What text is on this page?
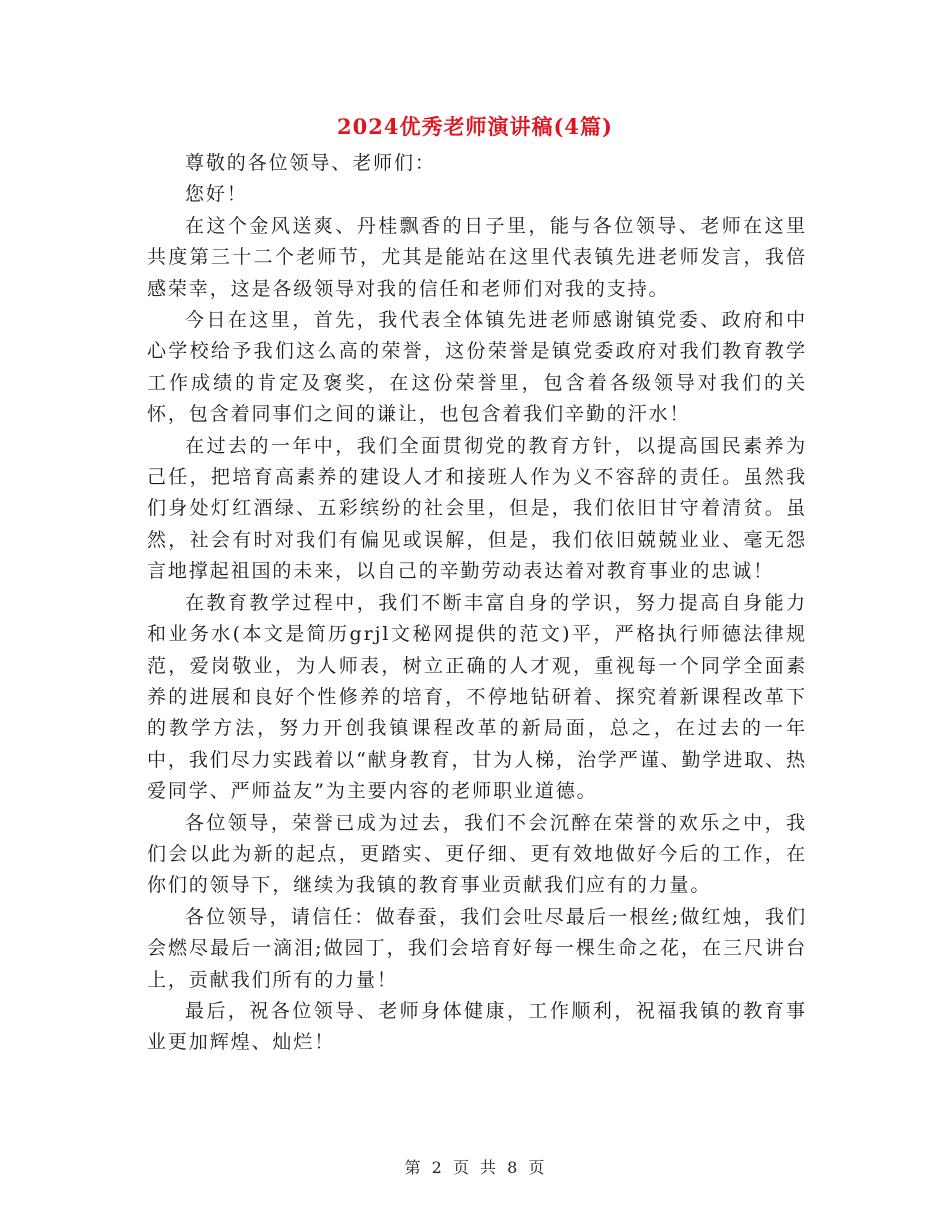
2024优秀老师演讲稿(4篇)

尊敬的各位领导、老师们：

您好！

在这个金风送爽、丹桂飘香的日子里，能与各位领导、老师在这里共度第三十二个老师节，尤其是能站在这里代表镇先进老师发言，我倍感荣幸，这是各级领导对我的信任和老师们对我的支持。

今日在这里，首先，我代表全体镇先进老师感谢镇党委、政府和中心学校给予我们这么高的荣誉，这份荣誉是镇党委政府对我们教育教学工作成绩的肯定及褒奖，在这份荣誉里，包含着各级领导对我们的关怀，包含着同事们之间的谦让，也包含着我们辛勤的汗水！

在过去的一年中，我们全面贯彻党的教育方针，以提高国民素养为己任，把培育高素养的建设人才和接班人作为义不容辞的责任。虽然我们身处灯红酒绿、五彩缤纷的社会里，但是，我们依旧甘守着清贫。虽然，社会有时对我们有偏见或误解，但是，我们依旧兢兢业业、毫无怨言地撑起祖国的未来，以自己的辛勤劳动表达着对教育事业的忠诚！

在教育教学过程中，我们不断丰富自身的学识，努力提高自身能力和业务水(本文是简历grjl文秘网提供的范文)平，严格执行师德法律规范，爱岗敬业，为人师表，树立正确的人才观，重视每一个同学全面素养的进展和良好个性修养的培育，不停地钻研着、探究着新课程改革下的教学方法，努力开创我镇课程改革的新局面，总之，在过去的一年中，我们尽力实践着以“献身教育，甘为人梯，治学严谨、勤学进取、热爱同学、严师益友”为主要内容的老师职业道德。

各位领导，荣誉已成为过去，我们不会沉醉在荣誉的欢乐之中，我们会以此为新的起点，更踏实、更仔细、更有效地做好今后的工作，在你们的领导下，继续为我镇的教育事业贡献我们应有的力量。

各位领导，请信任：做春蚕，我们会吐尽最后一根丝;做红烛，我们会燃尽最后一滴泪;做园丁，我们会培育好每一棵生命之花，在三尺讲台上，贡献我们所有的力量！

最后，祝各位领导、老师身体健康，工作顺利，祝福我镇的教育事业更加辉煌、灿烂！

第 2 页 共 8 页
